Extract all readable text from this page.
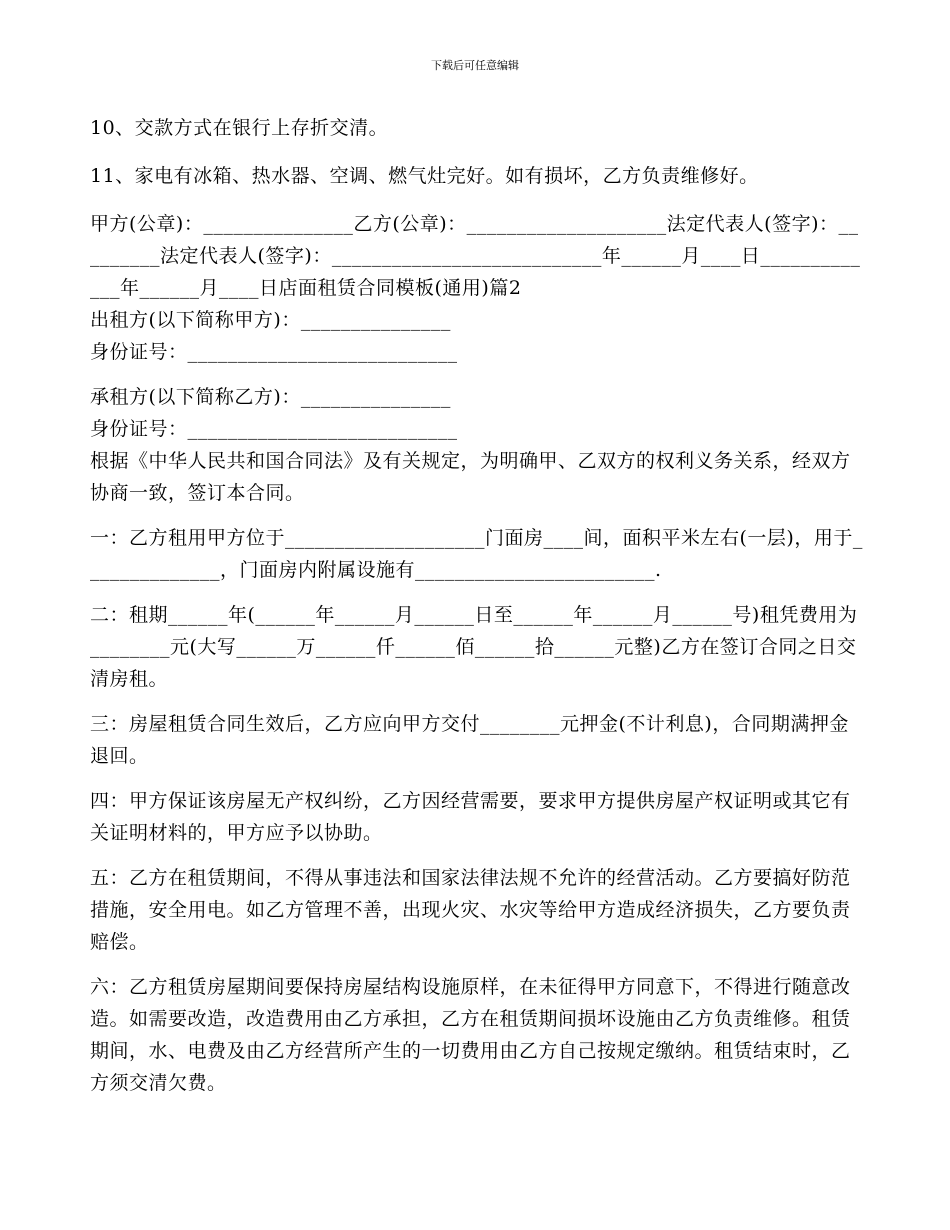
下载后可任意编辑

10、交款方式在银行上存折交清。

11、家电有冰箱、热水器、空调、燃气灶完好。如有损坏，乙方负责维修好。

甲方(公章)：_______________乙方(公章)：____________________法定代表人(签字)：_________法定代表人(签字)：___________________________年______月____日_____________年______月____日店面租赁合同模板(通用)篇2

出租方(以下简称甲方)：_______________

身份证号：___________________________

承租方(以下简称乙方)：_______________

身份证号：___________________________

根据《中华人民共和国合同法》及有关规定，为明确甲、乙双方的权利义务关系，经双方协商一致，签订本合同。

一：乙方租用甲方位于____________________门面房____间，面积平米左右(一层)，用于______________，门面房内附属设施有________________________.

二：租期______年(______年______月______日至______年______月______号)租凭费用为________元(大写______万______仟______佰______拾______元整)乙方在签订合同之日交清房租。

三：房屋租赁合同生效后，乙方应向甲方交付________元押金(不计利息)，合同期满押金退回。

四：甲方保证该房屋无产权纠纷，乙方因经营需要，要求甲方提供房屋产权证明或其它有关证明材料的，甲方应予以协助。

五：乙方在租赁期间，不得从事违法和国家法律法规不允许的经营活动。乙方要搞好防范措施，安全用电。如乙方管理不善，出现火灾、水灾等给甲方造成经济损失，乙方要负责赔偿。

六：乙方租赁房屋期间要保持房屋结构设施原样，在未征得甲方同意下，不得进行随意改造。如需要改造，改造费用由乙方承担，乙方在租赁期间损坏设施由乙方负责维修。租赁期间，水、电费及由乙方经营所产生的一切费用由乙方自己按规定缴纳。租赁结束时，乙方须交清欠费。
